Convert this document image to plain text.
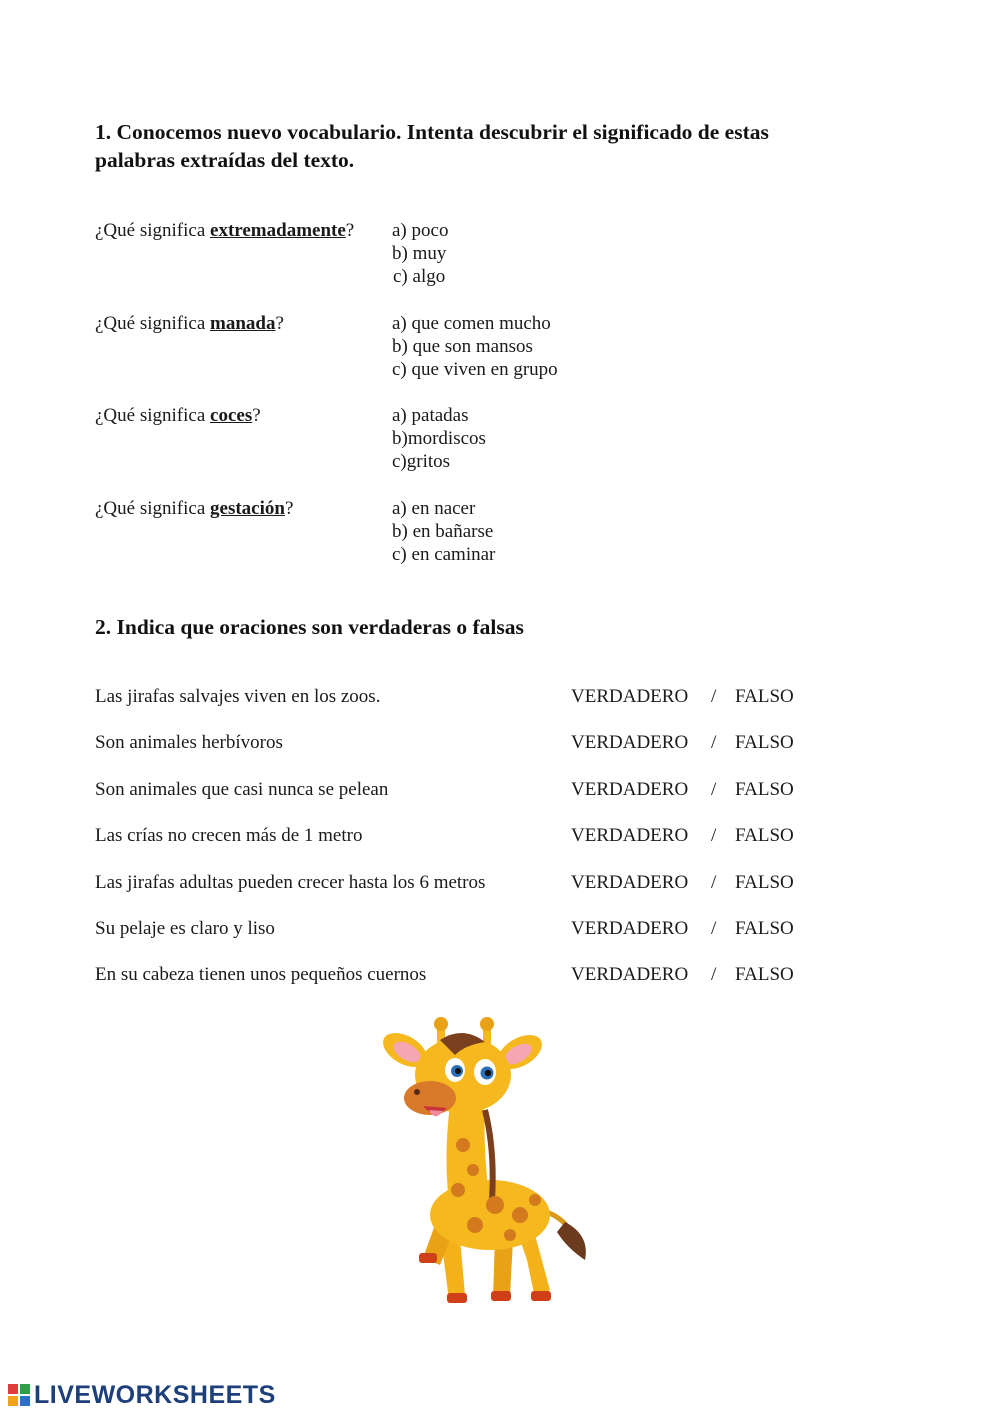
1. Conocemos nuevo vocabulario. Intenta descubrir el significado de estas
palabras extraídas del texto.
¿Qué significa extremadamente? a) poco
b) muy
c) algo
¿Qué significa manada?	a) que comen mucho
b) que son mansos
c) que viven en grupo
¿Qué significa coces?	a) patadas
b)mordiscos
c)gritos
¿Qué significa gestación?	a) en nacer
b) en bañarse
c) en caminar
2. Indica que oraciones son verdaderas o falsas
Las jirafas salvajes viven en los zoos.	VERDADERO / FALSO
Son animales herbívoros	VERDADERO / FALSO
Son animales que casi nunca se pelean	VERDADERO / FALSO
Las crías no crecen más de 1 metro	VERDADERO / FALSO
Las jirafas adultas pueden crecer hasta los 6 metros	VERDADERO / FALSO
Su pelaje es claro y liso	VERDADERO / FALSO
En su cabeza tienen unos pequeños cuernos	VERDADERO / FALSO
LIVEWORKSHEETS
